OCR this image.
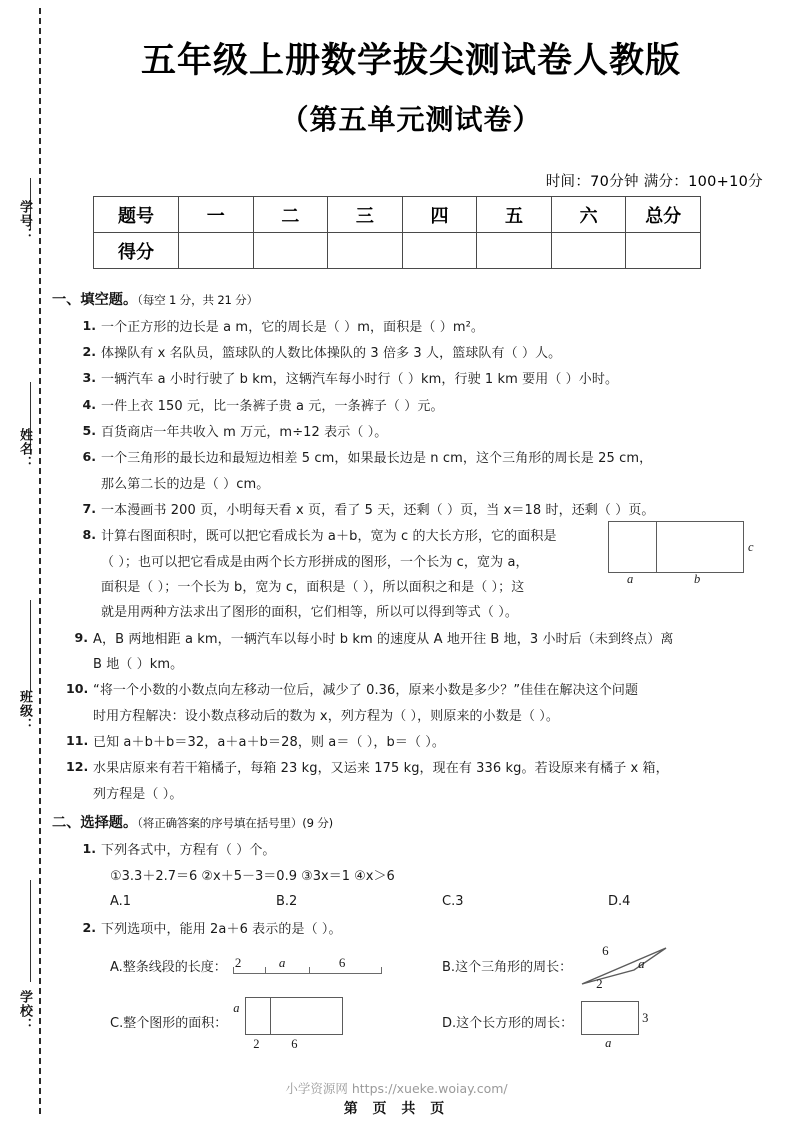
学号：
姓名：
班级：
学校：
五年级上册数学拔尖测试卷人教版
（第五单元测试卷）
时间：70分钟 满分：100+10分
题号	一	二	三	四	五	六	总分
得分							
a	b
c
一、填空题。（每空 1 分，共 21 分）
1. 一个正方形的边长是 a m，它的周长是（ ）m，面积是（ ）m²。
2. 体操队有 x 名队员，篮球队的人数比体操队的 3 倍多 3 人，篮球队有（ ）人。
3. 一辆汽车 a 小时行驶了 b km，这辆汽车每小时行（ ）km，行驶 1 km 要用（ ）小时。
4. 一件上衣 150 元，比一条裤子贵 a 元，一条裤子（ ）元。
5. 百货商店一年共收入 m 万元，m÷12 表示（ ）。
6. 一个三角形的最长边和最短边相差 5 cm，如果最长边是 n cm，这个三角形的周长是 25 cm，
那么第二长的边是（ ）cm。
7. 一本漫画书 200 页，小明每天看 x 页，看了 5 天，还剩（ ）页，当 x＝18 时，还剩（ ）页。
8. 计算右图面积时，既可以把它看成长为 a＋b，宽为 c 的大长方形，它的面积是
（ ）；也可以把它看成是由两个长方形拼成的图形，一个长为 c，宽为 a，
面积是（ ）；一个长为 b，宽为 c，面积是（ ），所以面积之和是（ ）；这
就是用两种方法求出了图形的面积，它们相等，所以可以得到等式（ ）。
9. A，B 两地相距 a km，一辆汽车以每小时 b km 的速度从 A 地开往 B 地，3 小时后（未到终点）离
B 地（ ）km。
10. “将一个小数的小数点向左移动一位后，减少了 0.36，原来小数是多少？”佳佳在解决这个问题
时用方程解决：设小数点移动后的数为 x，列方程为（ ），则原来的小数是（ ）。
11. 已知 a＋b＋b＝32，a＋a＋b＝28，则 a＝（ ），b＝（ ）。
12. 水果店原来有若干箱橘子，每箱 23 kg，又运来 175 kg，现在有 336 kg。若设原来有橘子 x 箱，
列方程是（ ）。
二、选择题。（将正确答案的序号填在括号里）(9 分)
1. 下列各式中，方程有（ ）个。
①3.3＋2.7＝6 ②x＋5－3＝0.9 ③3x＝1 ④x＞6
A.1	B.2	C.3	D.4
2. 下列选项中，能用 2a＋6 表示的是（ ）。
A. 整条线段的长度： 2	a	6	B. 这个三角形的周长：
6
a
2
C. 整个图形的面积：
a
2	6
D. 这个长方形的周长：	3
a
小学资源网 https://xueke.woiay.com/
第 页 共 页
